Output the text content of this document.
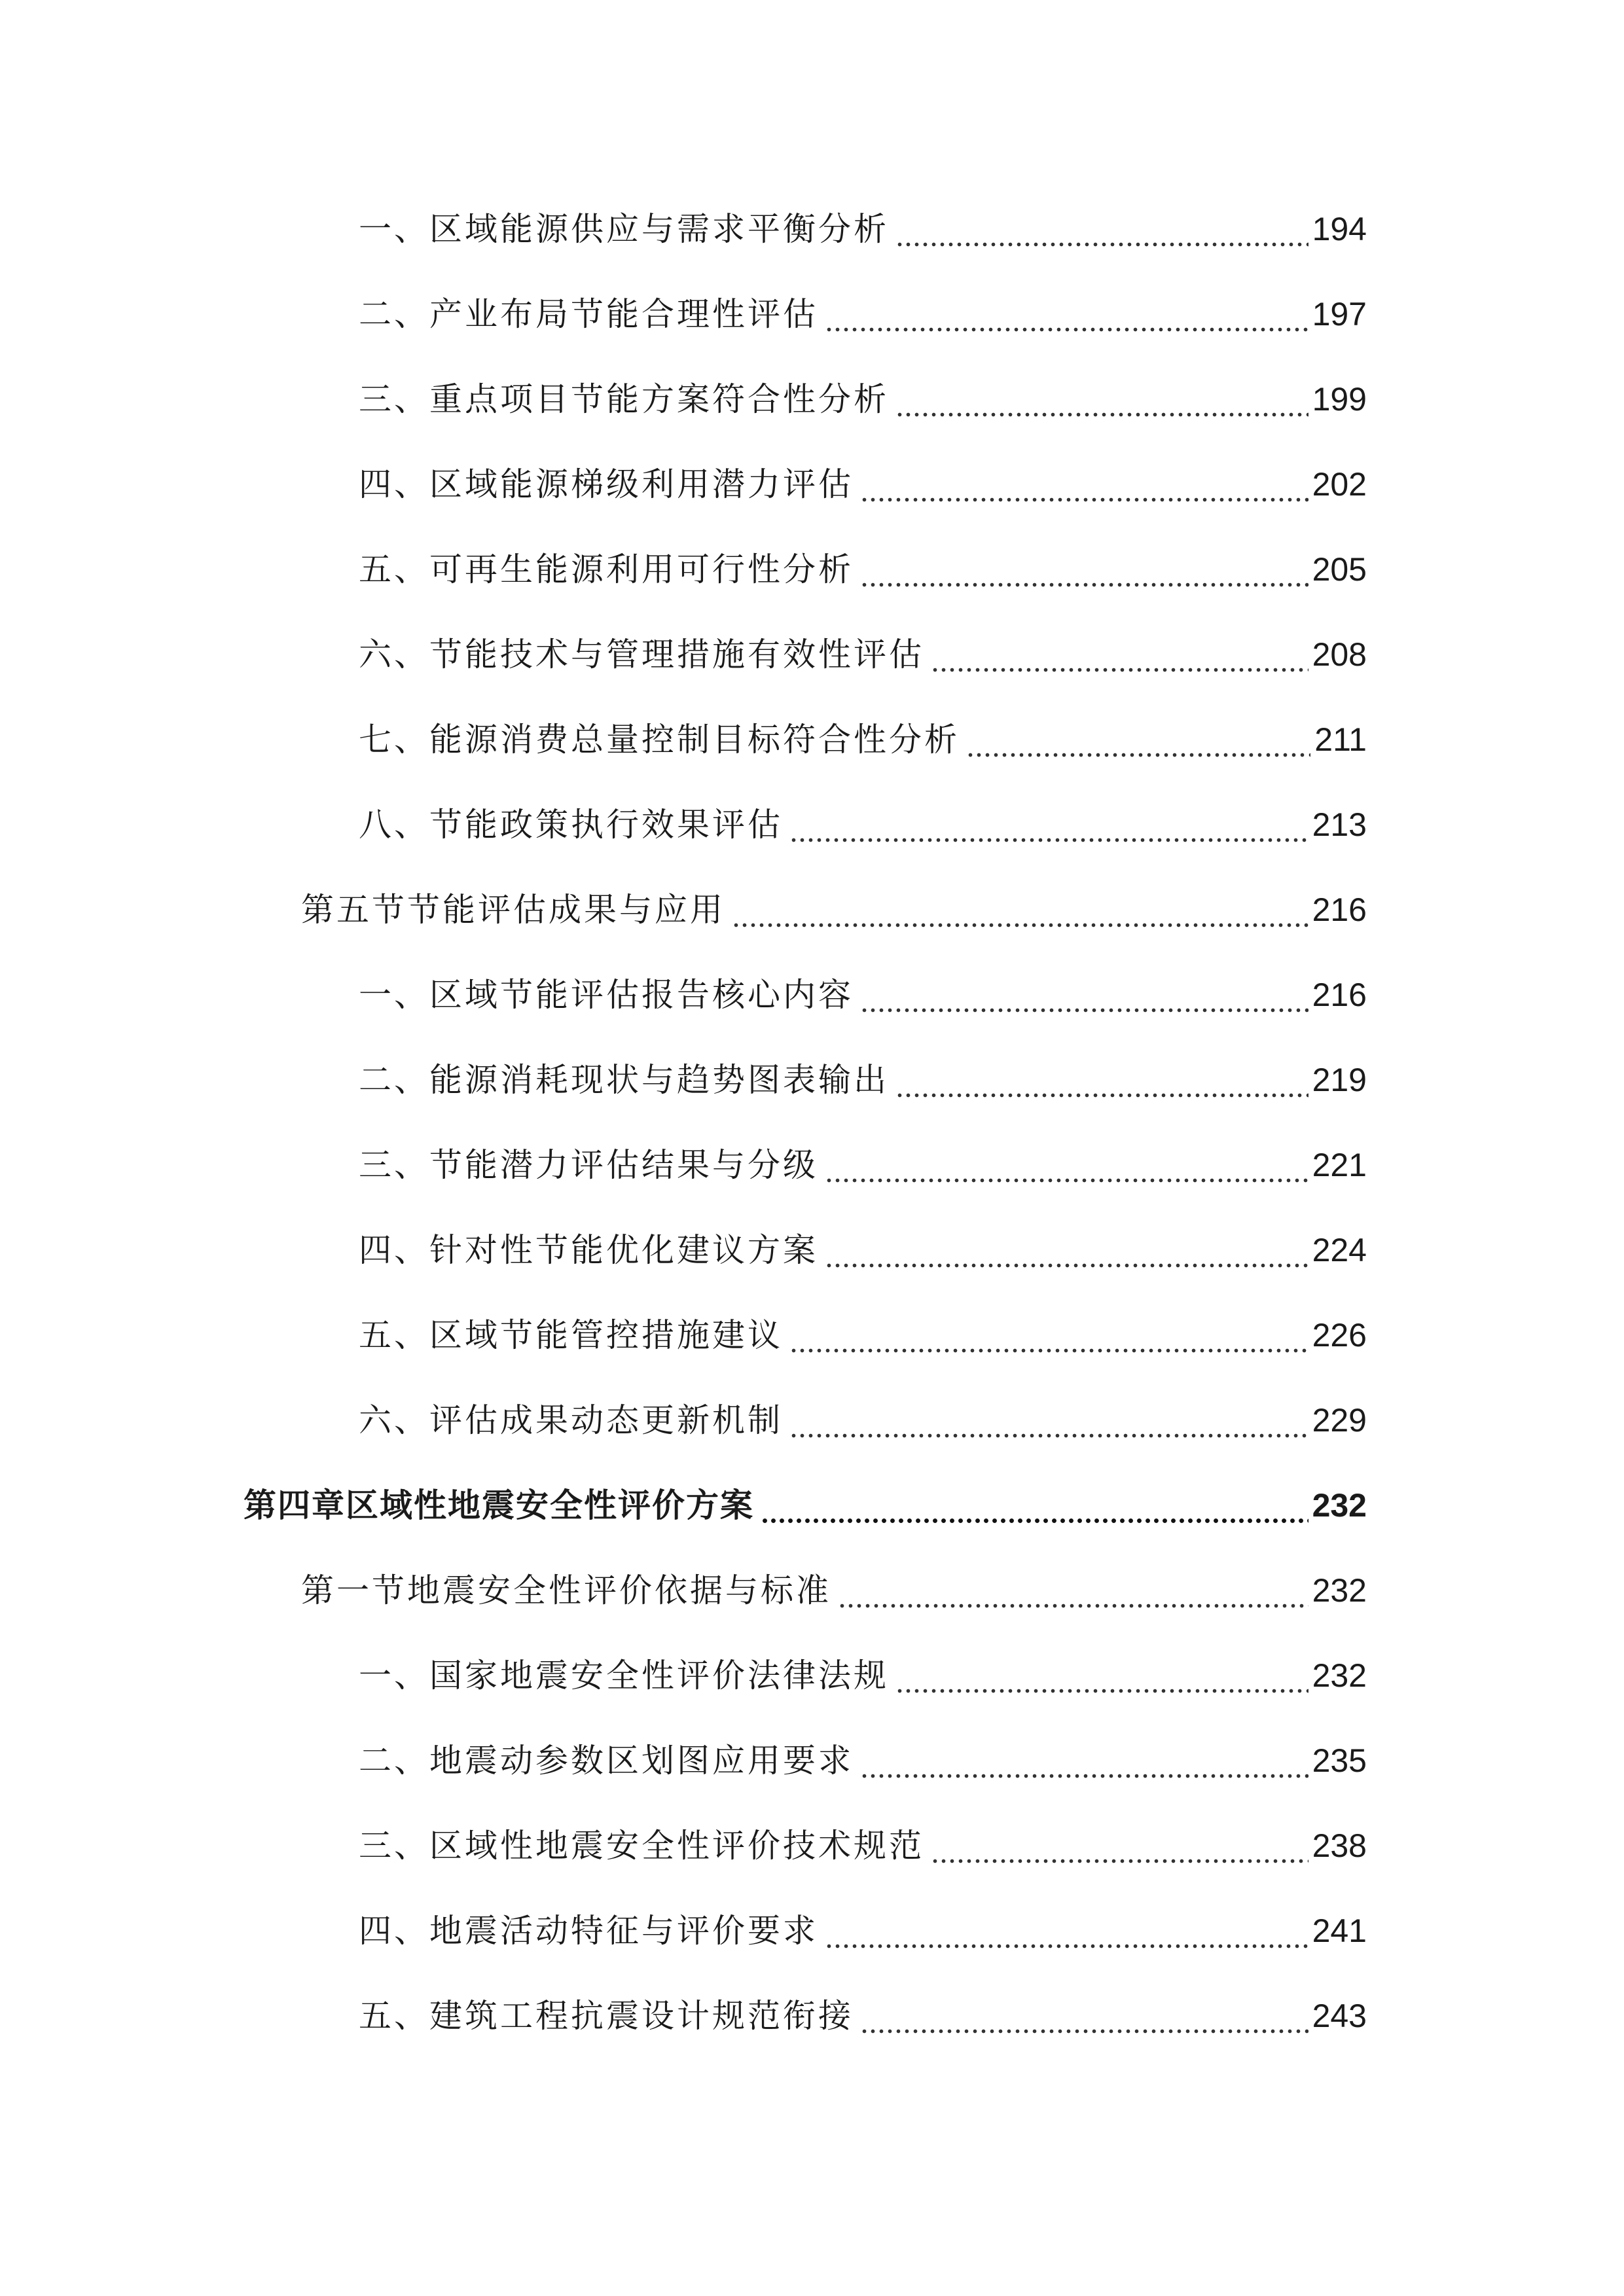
一、区域能源供应与需求平衡分析	194
二、产业布局节能合理性评估	197
三、重点项目节能方案符合性分析	199
四、区域能源梯级利用潜力评估	202
五、可再生能源利用可行性分析	205
六、节能技术与管理措施有效性评估	208
七、能源消费总量控制目标符合性分析	211
八、节能政策执行效果评估	213
第五节节能评估成果与应用	216
一、区域节能评估报告核心内容	216
二、能源消耗现状与趋势图表输出	219
三、节能潜力评估结果与分级	221
四、针对性节能优化建议方案	224
五、区域节能管控措施建议	226
六、评估成果动态更新机制	229
第四章区域性地震安全性评价方案	232
第一节地震安全性评价依据与标准	232
一、国家地震安全性评价法律法规	232
二、地震动参数区划图应用要求	235
三、区域性地震安全性评价技术规范	238
四、地震活动特征与评价要求	241
五、建筑工程抗震设计规范衔接	243
